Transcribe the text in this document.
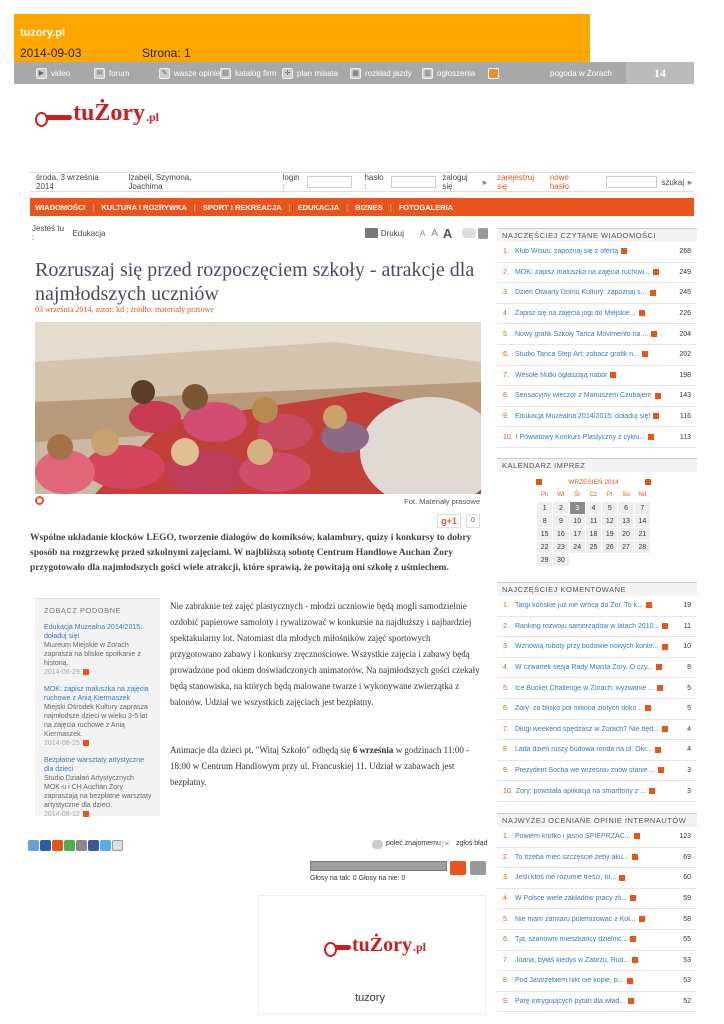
tuzory.pl
2014-09-03	Strona: 1
▶ video	✉ forum	✎ wasze opinie ▤ katalog firm	✛ plan miasta	▦ rozkład jazdy	▥ ogłoszenia	pogoda w Żorach	14
tuŻory .pl
środa, 3 września 2014
Izabeli, Szymona, Joachima
login :
hasło :
zaloguj się	► zarejestruj się
nowe hasło	szukaj ►
WIADOMOŚCI | KULTURA I ROZRYWKA | SPORT I REKREACJA | EDUKACJA | BIZNES | FOTOGALERIA
Jesteś tu :	Edukacja	Drukuj A A A
Rozruszaj się przed rozpoczęciem szkoły - atrakcje dla najmłodszych uczniów
03 września 2014, autor: kd ; źródło: materiały prasowe
Fot. Materiały prasowe
g+1	0
Wspólne układanie klocków LEGO, tworzenie dialogów do komiksów, kalambury, quizy i konkursy to dobry sposób na rozgrzewkę przed szkolnymi zajęciami. W najbliższą sobotę Centrum Handlowe Auchan Żory przygotowało dla najmłodszych gości wiele atrakcji, które sprawią, że powitają oni szkołę z uśmiechem.
ZOBACZ PODOBNE
Edukacja Muzealna 2014/2015: doładuj się!
Muzeum Miejskie w Żorach zaprasza na bliskie spotkanie z historią.
2014-08-29
MOK: zapisz maluszka na zajęcia ruchowe z Anią Kiermaszek
Miejski Ośrodek Kultury zaprasza najmłodsze dzieci w wieku 3-5 lat na zajęcia ruchowe z Anią Kiermaszek.
2014-08-25
Bezpłatne warsztaty artystyczne dla dzieci
Studio Działań Artystycznych MOK-u i CH Auchan Żory zapraszają na bezpłatne warsztaty artystyczne dla dzieci.
2014-08-12
Nie zabraknie też zajęć plastycznych - młodzi uczniowie będą mogli samodzielnie ozdobić papierowe samoloty i rywalizować w konkursie na najdłuższy i najbardziej spektakularny lot. Natomiast dla młodych miłośników zajęć sportowych przygotowano zabawy i konkursy zręcznościowe. Wszystkie zajęcia i zabawy będą prowadzone pod okiem doświadczonych animatorów. Na najmłodszych gości czekały będą stanowiska, na których będą malowane twarze i wykonywane zwierzątka z balonów. Udział we wszystkich zajęciach jest bezpłatny.
Animacje dla dzieci pt. "Witaj Szkoło" odbędą się 6 września w godzinach 11:00 - 18:00 w Centrum Handlowym przy ul. Francuskiej 11. Udział w zabawach jest bezpłatny.
poleć znajomemu |✕ zgłoś błąd
Głosy na tak: 0 Głosy na nie: 0
tuŻory .pl
tuzory
NAJCZĘŚCIEJ CZYTANE WIADOMOŚCI
1. Klub Wisus: zapoznaj się z ofertą	268
2. MOK: zapisz maluszka na zajęcia ruchow...	249
3. Dzień Otwarty Domu Kultury: zapoznaj s...	245
4. Zapisz się na zajęcia jogi do Miejskie...	226
5. Nowy grafik Szkoły Tańca Movimento na ...	204
6. Studio Tańca Step Art: zobacz grafik n...	202
7. Wesołe Nutki ogłaszają nabór	198
8. Sensacyjny wieczór z Mariuszem Czubajem	143
9. Edukacja Muzealna 2014/2015: doładuj się!	116
10. I Powiatowy Konkurs Plastyczny z cyklu...	113
KALENDARZ IMPREZ
WRZESIEŃ 2014
Pn	Wt	Śr	Cz	Pt	So	Nd
1	2	3	4	5	6	7
8	9	10	11	12	13	14
15	16	17	18	19	20	21
22	23	24	25	26	27	28
29	30					
NAJCZĘŚCIEJ KOMENTOWANE
1. Targi końskie już nie wrócą do Żor. To k...	19
2. Ranking rozwoju samorządów w latach 2010...	11
3. Wznowią roboty przy budowie nowych konte...	10
4. W czwartek sesja Rady Miasta Żory. O czy...	8
5. Ice Bucket Challenge w Żorach: wyzwanie ...	5
6. Żory: za blisko pół miliona złotych doko...	5
7. Długi weekend spędzasz w Żorach? Nie będ...	4
8. Lada dzień ruszy budowa ronda na ul. Okr...	4
9. Prezydent Socha we wrześniu znów stanie ...	3
10. Żory: powstała aplikacja na smartfony z ...	3
NAJWYŻEJ OCENIANE OPINIE INTERNAUTÓW
1. Powiem krótko i jasno.SPIEPRZAĆ...	123
2. To trzeba mieć szczęście żeby aku...	69
3. Jeśli ktoś nie rozumie treści, to...	60
4. W Polsce wiele zakładów pracy zli...	59
5. Nie mam zamiaru polemizować z Koł...	58
6. Tja, szanowni mieszkańcy dzielnic...	55
7. Joana, byłaś kiedyś w Zabrzu, Rud...	53
8. Pod Jastrzębiem nikt nie kopie, p...	53
9. Parę intrygujących pytań dla wład...	52
